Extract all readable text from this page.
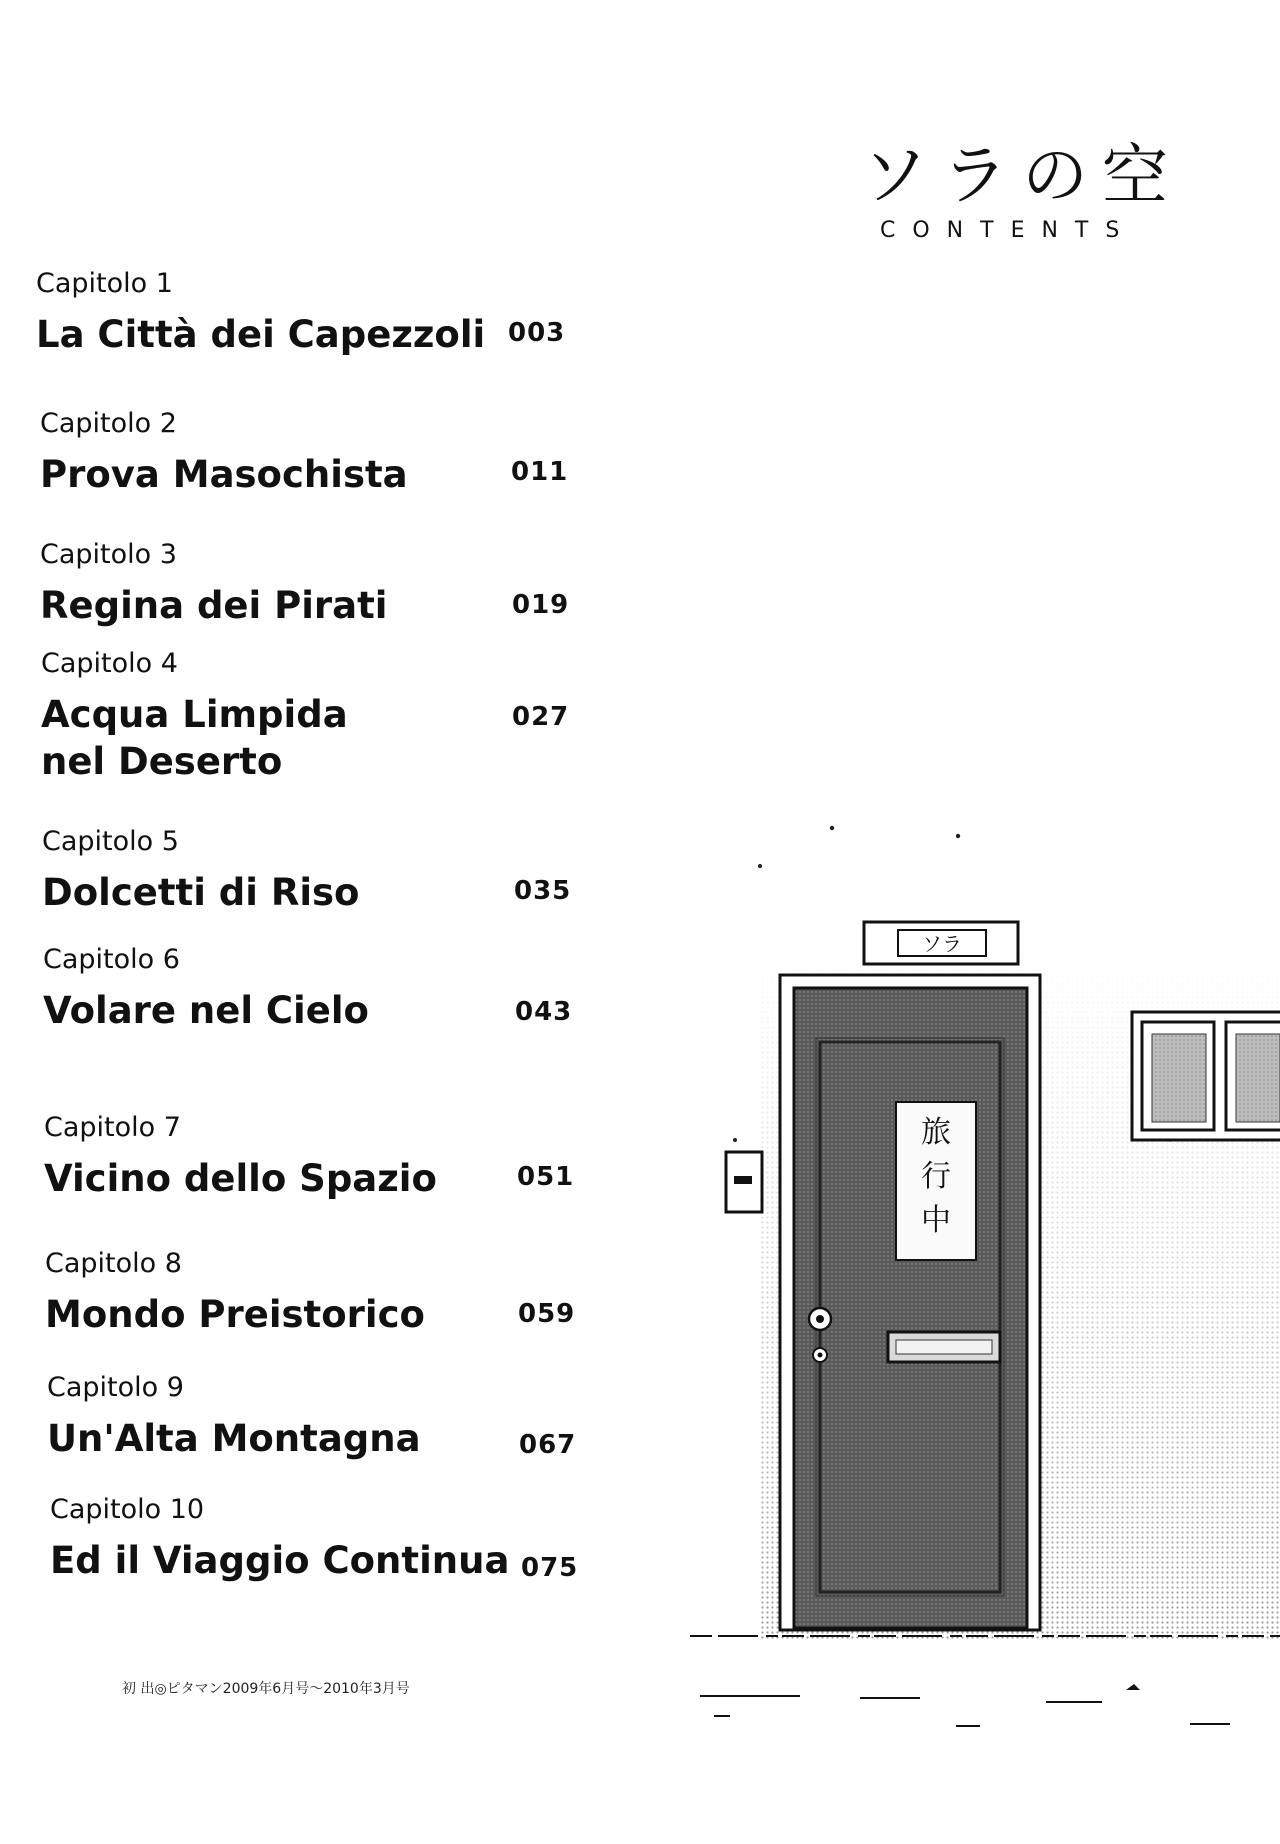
ソラの空
CONTENTS
Capitolo 1
La Città dei Capezzoli 003
Capitolo 2
Prova Masochista	011
Capitolo 3
Regina dei Pirati	019
Capitolo 4
Acqua Limpida
nel Deserto
027
Capitolo 5
Dolcetti di Riso	035
Capitolo 6
Volare nel Cielo	043
Capitolo 7
Vicino dello Spazio	051
Capitolo 8
Mondo Preistorico	059
Capitolo 9
Un'Alta Montagna	067
Capitolo 10
Ed il Viaggio Continua 075
初 出◎ピタマン2009年6月号〜2010年3月号
ソラ
旅
行
中
